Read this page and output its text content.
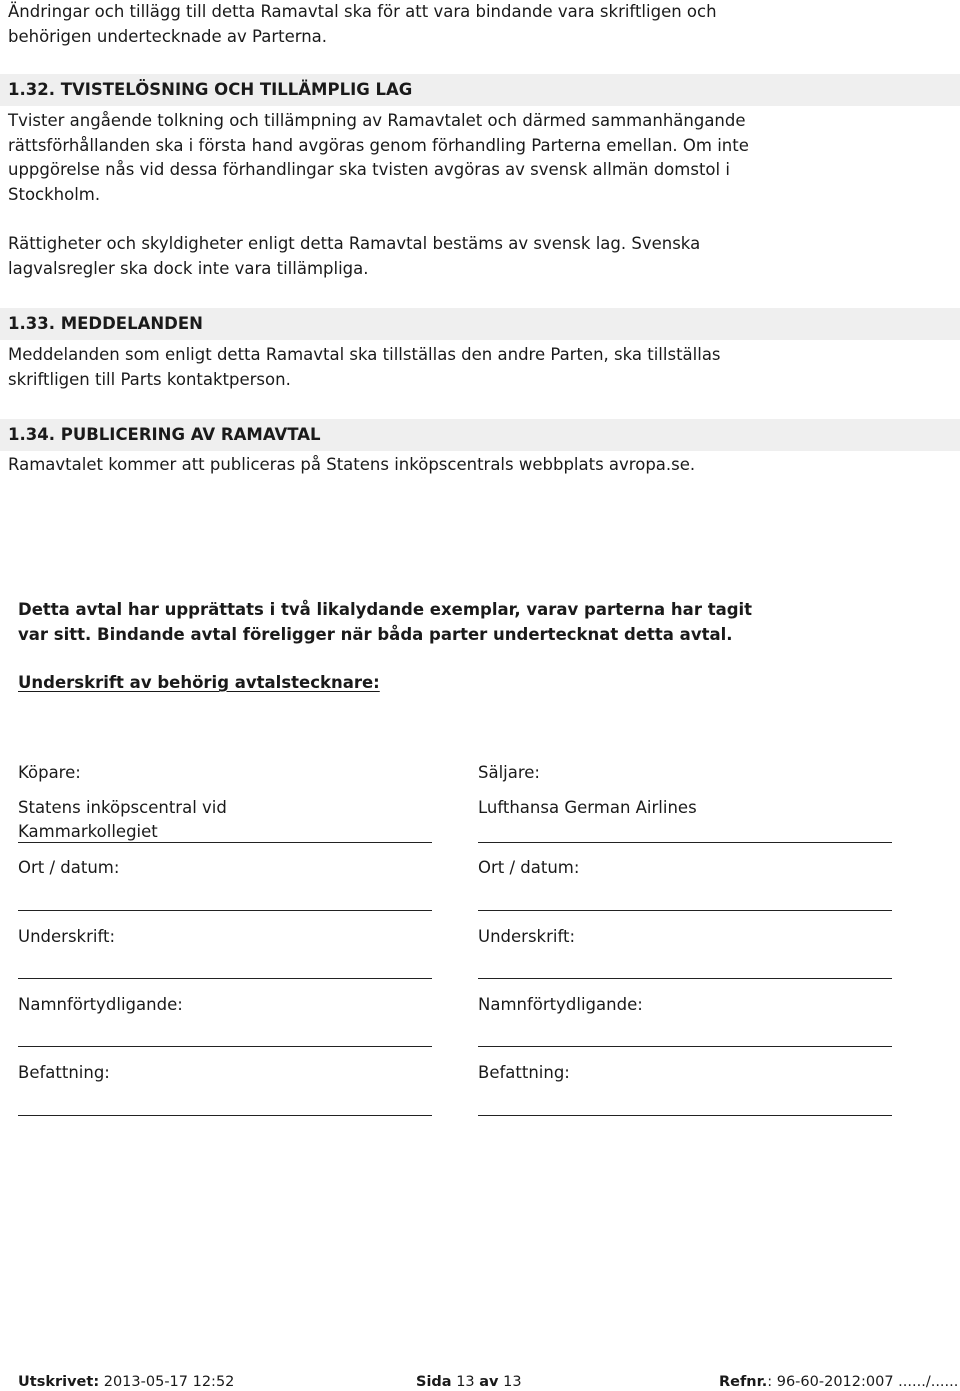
Ändringar och tillägg till detta Ramavtal ska för att vara bindande vara skriftligen och
behörigen undertecknade av Parterna.
1.32. TVISTELÖSNING OCH TILLÄMPLIG LAG
Tvister angående tolkning och tillämpning av Ramavtalet och därmed sammanhängande
rättsförhållanden ska i första hand avgöras genom förhandling Parterna emellan. Om inte
uppgörelse nås vid dessa förhandlingar ska tvisten avgöras av svensk allmän domstol i
Stockholm.
Rättigheter och skyldigheter enligt detta Ramavtal bestäms av svensk lag. Svenska
lagvalsregler ska dock inte vara tillämpliga.
1.33. MEDDELANDEN
Meddelanden som enligt detta Ramavtal ska tillställas den andre Parten, ska tillställas
skriftligen till Parts kontaktperson.
1.34. PUBLICERING AV RAMAVTAL
Ramavtalet kommer att publiceras på Statens inköpscentrals webbplats avropa.se.
Detta avtal har upprättats i två likalydande exemplar, varav parterna har tagit
var sitt. Bindande avtal föreligger när båda parter undertecknat detta avtal.
Underskrift av behörig avtalstecknare:
Köpare:
Statens inköpscentral vid
Kammarkollegiet
Ort / datum:
Underskrift:
Namnförtydligande:
Befattning:
Säljare:
Lufthansa German Airlines
Ort / datum:
Underskrift:
Namnförtydligande:
Befattning:
Utskrivet: 2013-05-17 12:52	Sida 13 av 13	Refnr.: 96-60-2012:007 ....../......
